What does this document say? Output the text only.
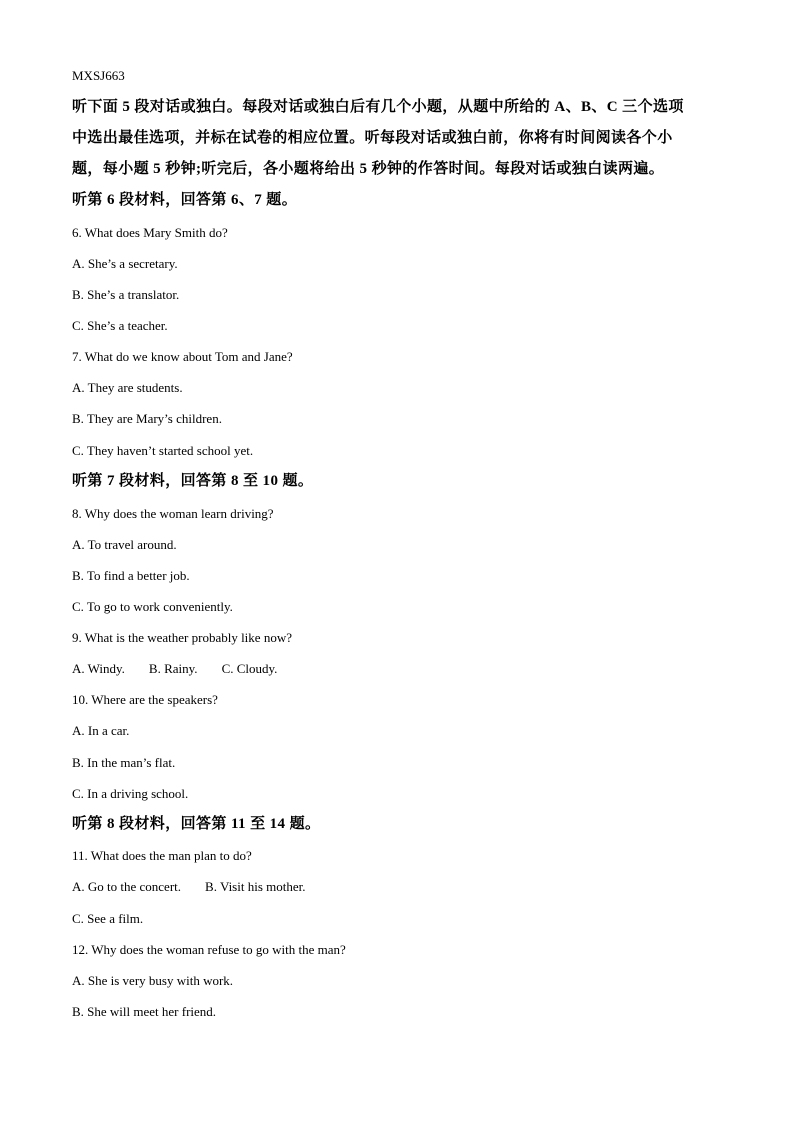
MXSJ663
听下面 5 段对话或独白。每段对话或独白后有几个小题，从题中所给的 A、B、C 三个选项
中选出最佳选项，并标在试卷的相应位置。听每段对话或独白前，你将有时间阅读各个小
题，每小题 5 秒钟;听完后，各小题将给出 5 秒钟的作答时间。每段对话或独白读两遍。
听第 6 段材料，回答第 6、7 题。
6. What does Mary Smith do?
A. She’s a secretary.
B. She’s a translator.
C. She’s a teacher.
7. What do we know about Tom and Jane?
A. They are students.
B. They are Mary’s children.
C. They haven’t started school yet.
听第 7 段材料，回答第 8 至 10 题。
8. Why does the woman learn driving?
A. To travel around.
B. To find a better job.
C. To go to work conveniently.
9. What is the weather probably like now?
A. Windy. B. Rainy. C. Cloudy.
10. Where are the speakers?
A. In a car.
B. In the man’s flat.
C. In a driving school.
听第 8 段材料，回答第 11 至 14 题。
11. What does the man plan to do?
A. Go to the concert. B. Visit his mother.
C. See a film.
12. Why does the woman refuse to go with the man?
A. She is very busy with work.
B. She will meet her friend.
